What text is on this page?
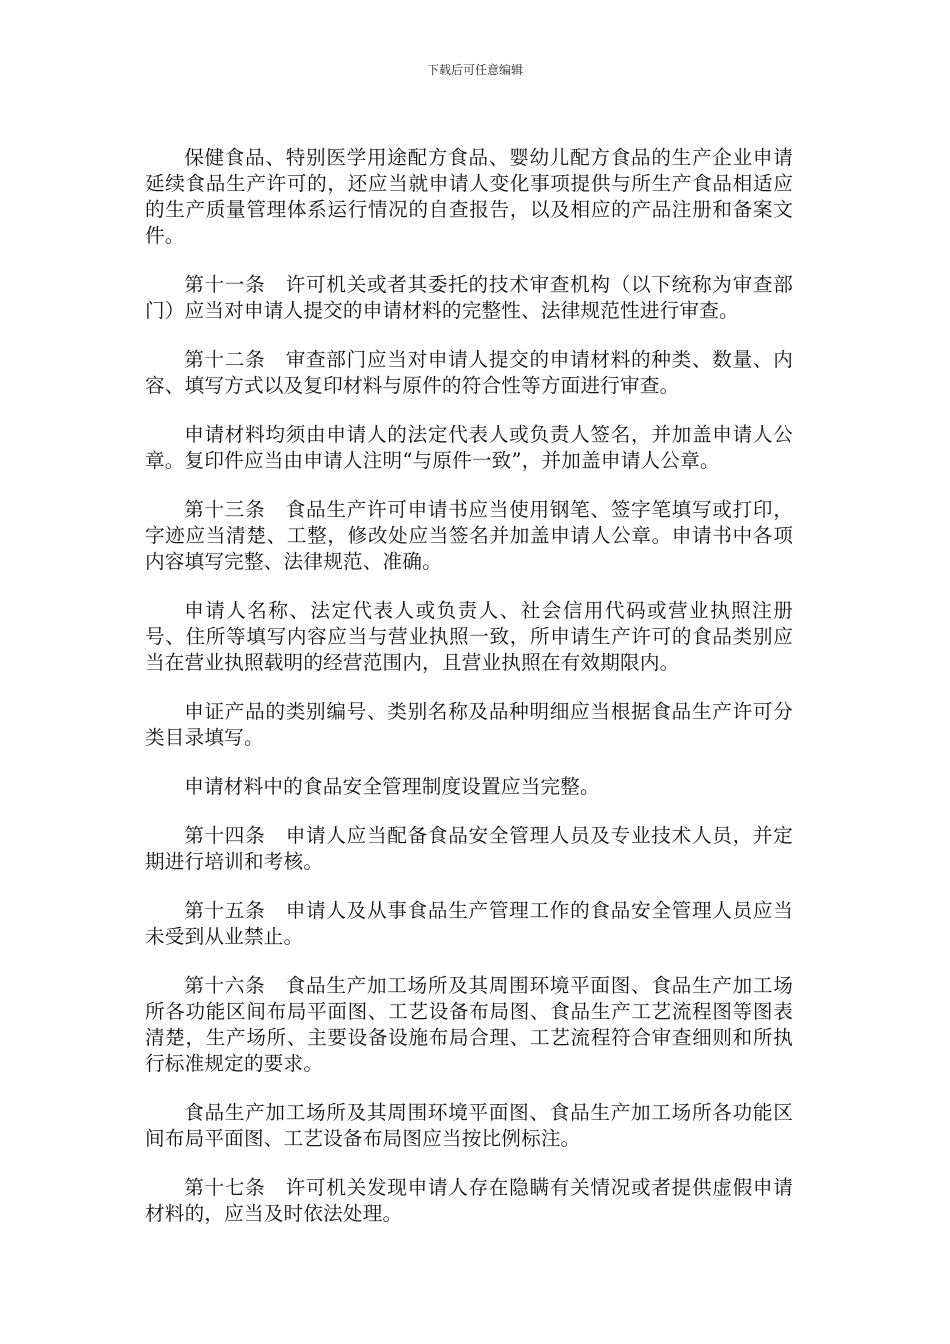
下载后可任意编辑

保健食品、特别医学用途配方食品、婴幼儿配方食品的生产企业申请延续食品生产许可的，还应当就申请人变化事项提供与所生产食品相适应的生产质量管理体系运行情况的自查报告，以及相应的产品注册和备案文件。

第十一条　许可机关或者其委托的技术审查机构（以下统称为审查部门）应当对申请人提交的申请材料的完整性、法律规范性进行审查。

第十二条　审查部门应当对申请人提交的申请材料的种类、数量、内容、填写方式以及复印材料与原件的符合性等方面进行审查。

申请材料均须由申请人的法定代表人或负责人签名，并加盖申请人公章。复印件应当由申请人注明“与原件一致”，并加盖申请人公章。

第十三条　食品生产许可申请书应当使用钢笔、签字笔填写或打印，字迹应当清楚、工整，修改处应当签名并加盖申请人公章。申请书中各项内容填写完整、法律规范、准确。

申请人名称、法定代表人或负责人、社会信用代码或营业执照注册号、住所等填写内容应当与营业执照一致，所申请生产许可的食品类别应当在营业执照载明的经营范围内，且营业执照在有效期限内。

申证产品的类别编号、类别名称及品种明细应当根据食品生产许可分类目录填写。

申请材料中的食品安全管理制度设置应当完整。

第十四条　申请人应当配备食品安全管理人员及专业技术人员，并定期进行培训和考核。

第十五条　申请人及从事食品生产管理工作的食品安全管理人员应当未受到从业禁止。

第十六条　食品生产加工场所及其周围环境平面图、食品生产加工场所各功能区间布局平面图、工艺设备布局图、食品生产工艺流程图等图表清楚，生产场所、主要设备设施布局合理、工艺流程符合审查细则和所执行标准规定的要求。

食品生产加工场所及其周围环境平面图、食品生产加工场所各功能区间布局平面图、工艺设备布局图应当按比例标注。

第十七条　许可机关发现申请人存在隐瞒有关情况或者提供虚假申请材料的，应当及时依法处理。
